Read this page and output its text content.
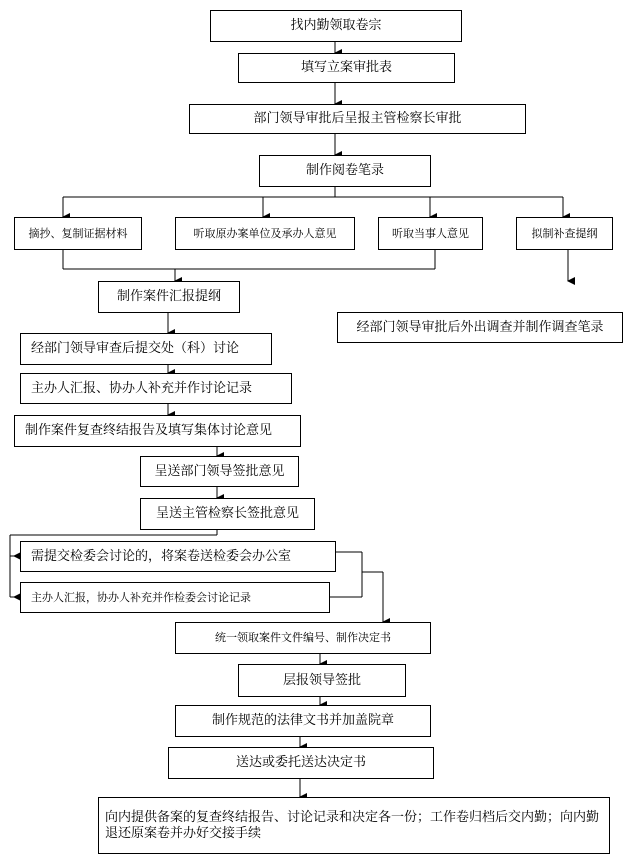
找内勤领取卷宗
填写立案审批表
部门领导审批后呈报主管检察长审批
制作阅卷笔录
摘抄、复制证据材料	听取原办案单位及承办人意见	听取当事人意见	拟制补查提纲
制作案件汇报提纲
经部门领导审批后外出调查并制作调查笔录
经部门领导审查后提交处（科）讨论
主办人汇报、协办人补充并作讨论记录
制作案件复查终结报告及填写集体讨论意见
呈送部门领导签批意见
呈送主管检察长签批意见
需提交检委会讨论的，将案卷送检委会办公室
主办人汇报，协办人补充并作检委会讨论记录
统一领取案件文件编号、制作决定书
层报领导签批
制作规范的法律文书并加盖院章
送达或委托送达决定书
向内提供备案的复查终结报告、讨论记录和决定各一份；工作卷归档后交内勤；向内勤退还原案卷并办好交接手续
